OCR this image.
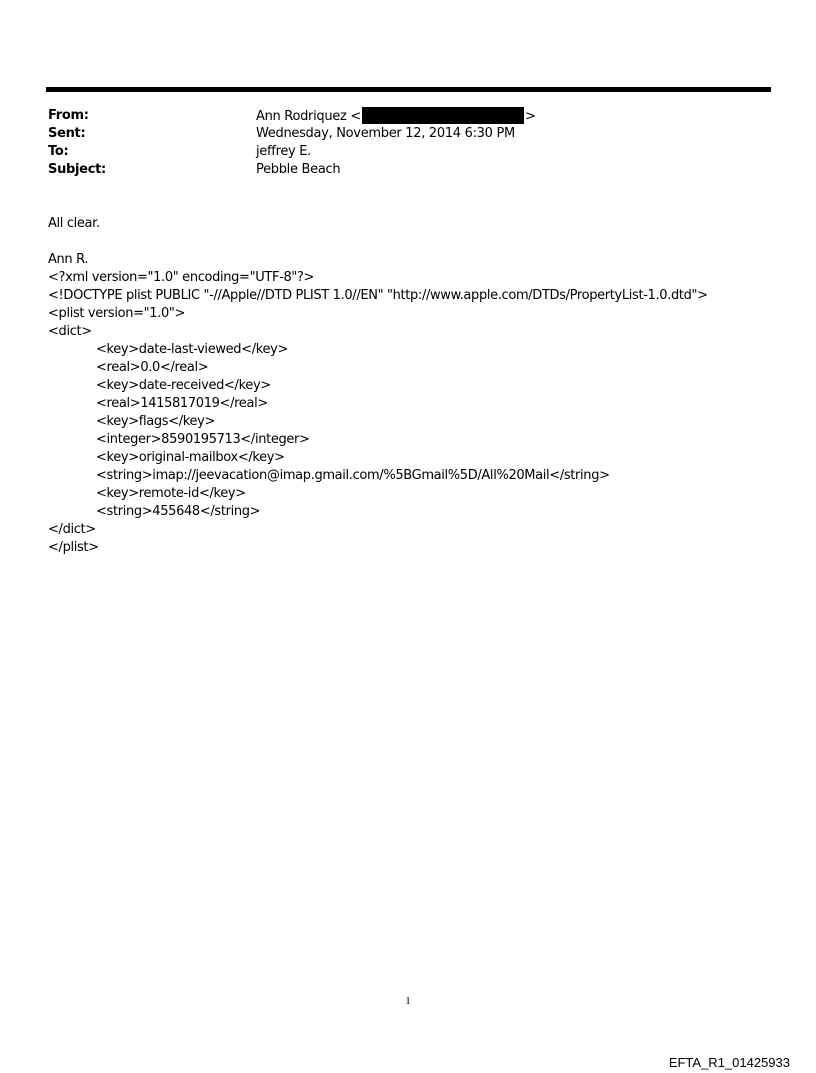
From:	Ann Rodriquez <	>
Sent:	Wednesday, November 12, 2014 6:30 PM
To:	jeffrey E.
Subject:	Pebble Beach
All clear.
Ann R.
<?xml version="1.0" encoding="UTF-8"?>
<!DOCTYPE plist PUBLIC "-//Apple//DTD PLIST 1.0//EN" "http://www.apple.com/DTDs/PropertyList-1.0.dtd">
<plist version="1.0">
<dict>
<key>date-last-viewed</key>
<real>0.0</real>
<key>date-received</key>
<real>1415817019</real>
<key>flags</key>
<integer>8590195713</integer>
<key>original-mailbox</key>
<string>imap://jeevacation@imap.gmail.com/%5BGmail%5D/All%20Mail</string>
<key>remote-id</key>
<string>455648</string>
</dict>
</plist>
1
EFTA_R1_01425933
